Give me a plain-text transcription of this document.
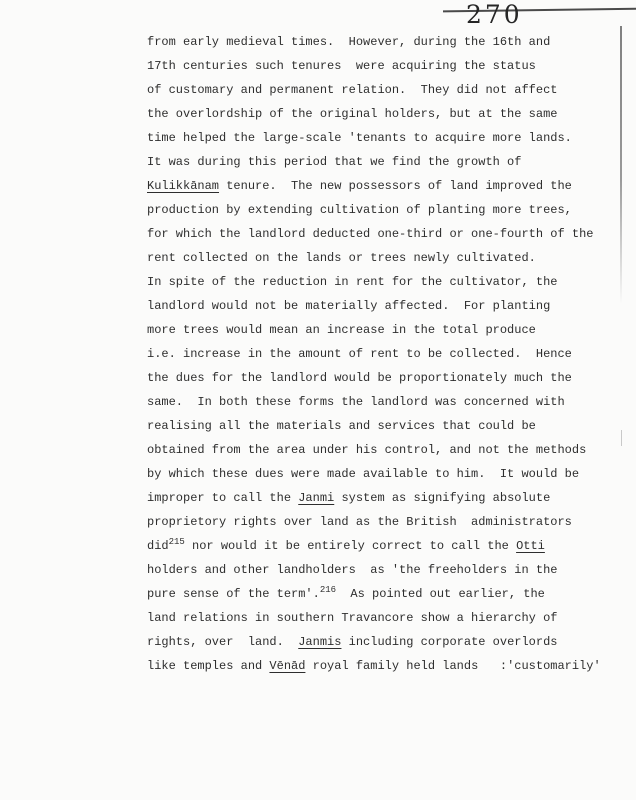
270
from early medieval times.  However, during the 16th and
17th centuries such tenures  were acquiring the status
of customary and permanent relation.  They did not affect
the overlordship of the original holders, but at the same
time helped the large-scale 'tenants to acquire more lands.
It was during this period that we find the growth of
Kulikkānam tenure.  The new possessors of land improved the
production by extending cultivation of planting more trees,
for which the landlord deducted one-third or one-fourth of the
rent collected on the lands or trees newly cultivated.
In spite of the reduction in rent for the cultivator, the
landlord would not be materially affected.  For planting
more trees would mean an increase in the total produce
i.e. increase in the amount of rent to be collected.  Hence
the dues for the landlord would be proportionately much the
same.  In both these forms the landlord was concerned with
realising all the materials and services that could be
obtained from the area under his control, and not the methods
by which these dues were made available to him.  It would be
improper to call the Janmi system as signifying absolute
proprietory rights over land as the British  administrators
did$^{215}$ nor would it be entirely correct to call the Otti
holders and other landholders  as 'the freeholders in the
pure sense of the term'.$^{216}$  As pointed out earlier, the
land relations in southern Travancore show a hierarchy of
rights, over  land.  Janmis including corporate overlords
like temples and Vēnād royal family held lands   :'customarily'
